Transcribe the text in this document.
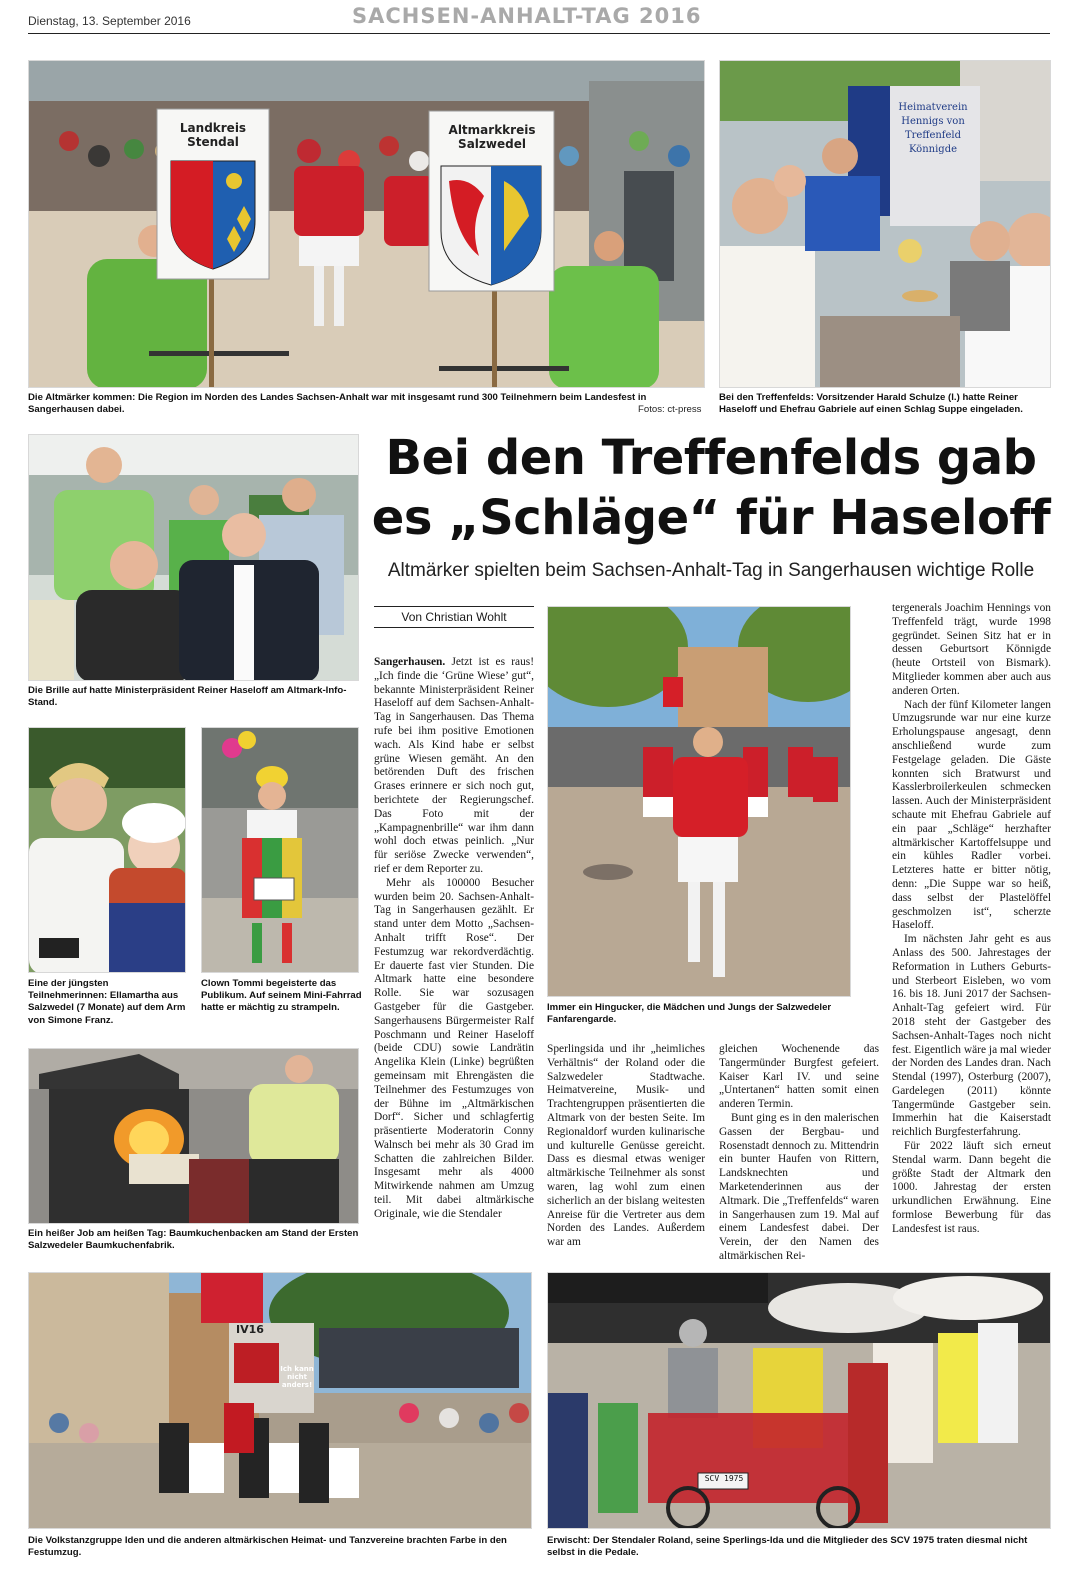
Dienstag, 13. September 2016	SACHSEN-ANHALT-TAG 2016
Landkreis Stendal
Altmarkkreis Salzwedel
Die Altmärker kommen: Die Region im Norden des Landes Sachsen-Anhalt war mit insgesamt rund 300 Teilnehmern beim Landesfest in Sangerhausen dabei.	Fotos: ct-press
Heimatverein Hennigs von Treffenfeld Könnigde
Bei den Treffenfelds: Vorsitzender Harald Schulze (l.) hatte Reiner Haseloff und Ehefrau Gabriele auf einen Schlag Suppe eingeladen.
Die Brille auf hatte Ministerpräsident Reiner Haseloff am Altmark-Info-Stand.
Eine der jüngsten Teilnehmerinnen: Ellamartha aus Salzwedel (7 Monate) auf dem Arm von Simone Franz.
Clown Tommi begeisterte das Publikum. Auf seinem Mini-Fahrrad hatte er mächtig zu strampeln.
Ein heißer Job am heißen Tag: Baumkuchenbacken am Stand der Ersten Salzwedeler Baumkuchenfabrik.
Bei den Treffenfelds gab es „Schläge“ für Haseloff
Altmärker spielten beim Sachsen-Anhalt-Tag in Sangerhausen wichtige Rolle
Von Christian Wohlt

Sangerhausen. Jetzt ist es raus! „Ich finde die ‘Grüne Wiese’ gut“, bekannte Ministerpräsident Reiner Haseloff auf dem Sachsen-Anhalt-Tag in Sangerhausen. Das Thema rufe bei ihm positive Emotionen wach. Als Kind habe er selbst grüne Wiesen gemäht. An den betörenden Duft des frischen Grases erinnere er sich noch gut, berichtete der Regierungschef. Das Foto mit der „Kampagnenbrille“ war ihm dann wohl doch etwas peinlich. „Nur für seriöse Zwecke verwenden“, rief er dem Reporter zu.

Mehr als 100000 Besucher wurden beim 20. Sachsen-Anhalt-Tag in Sangerhausen gezählt. Er stand unter dem Motto „Sachsen-Anhalt trifft Rose“. Der Festumzug war rekordverdächtig. Er dauerte fast vier Stunden. Die Altmark hatte eine besondere Rolle. Sie war sozusagen Gastgeber für die Gastgeber. Sangerhausens Bürgermeister Ralf Poschmann und Reiner Haseloff (beide CDU) sowie Landrätin Angelika Klein (Linke) begrüßten gemeinsam mit Ehrengästen die Teilnehmer des Festumzuges von der Bühne im „Altmärkischen Dorf“. Sicher und schlagfertig präsentierte Moderatorin Conny Walnsch bei mehr als 30 Grad im Schatten die zahlreichen Bilder. Insgesamt mehr als 4000 Mitwirkende nahmen am Umzug teil. Mit dabei altmärkische Originale, wie die Stendaler

Immer ein Hingucker, die Mädchen und Jungs der Salzwedeler Fanfarengarde.

Sperlingsida und ihr „heimliches Verhältnis“ der Roland oder die Salzwedeler Stadtwache. Heimatvereine, Musik- und Trachtengruppen präsentierten die Altmark von der besten Seite. Im Regionaldorf wurden kulinarische und kulturelle Genüsse gereicht. Dass es diesmal etwas weniger altmärkische Teilnehmer als sonst waren, lag wohl zum einen sicherlich an der bislang weitesten Anreise für die Vertreter aus dem Norden des Landes. Außerdem war am

gleichen Wochenende das Tangermünder Burgfest gefeiert. Kaiser Karl IV. und seine „Untertanen“ hatten somit einen anderen Termin.

Bunt ging es in den malerischen Gassen der Bergbau- und Rosenstadt dennoch zu. Mittendrin ein bunter Haufen von Rittern, Landsknechten und Marketenderinnen aus der Altmark. Die „Treffenfelds“ waren in Sangerhausen zum 19. Mal auf einem Landesfest dabei. Der Verein, der den Namen des altmärkischen Rei-

tergenerals Joachim Hennings von Treffenfeld trägt, wurde 1998 gegründet. Seinen Sitz hat er in dessen Geburtsort Könnigde (heute Ortsteil von Bismark). Mitglieder kommen aber auch aus anderen Orten.

Nach der fünf Kilometer langen Umzugsrunde war nur eine kurze Erholungspause angesagt, denn anschließend wurde zum Festgelage geladen. Die Gäste konnten sich Bratwurst und Kasslerbroilerkeulen schmecken lassen. Auch der Ministerpräsident schaute mit Ehefrau Gabriele auf ein paar „Schläge“ herzhafter altmärkischer Kartoffelsuppe und ein kühles Radler vorbei. Letzteres hatte er bitter nötig, denn: „Die Suppe war so heiß, dass selbst der Plastelöffel geschmolzen ist“, scherzte Haseloff.

Im nächsten Jahr geht es aus Anlass des 500. Jahrestages der Reformation in Luthers Geburts- und Sterbeort Eisleben, wo vom 16. bis 18. Juni 2017 der Sachsen-Anhalt-Tag gefeiert wird. Für 2018 steht der Gastgeber des Sachsen-Anhalt-Tages noch nicht fest. Eigentlich wäre ja mal wieder der Norden des Landes dran. Nach Stendal (1997), Osterburg (2007), Gardelegen (2011) könnte Tangermünde Gastgeber sein. Immerhin hat die Kaiserstadt reichlich Burgfesterfahrung.

Für 2022 läuft sich erneut Stendal warm. Dann begeht die größte Stadt der Altmark den 1000. Jahrestag der ersten urkundlichen Erwähnung. Eine formlose Bewerbung für das Landesfest ist raus.

IV16
Ich kann nicht anders!
Die Volkstanzgruppe Iden und die anderen altmärkischen Heimat- und Tanzvereine brachten Farbe in den Festumzug.
SCV 1975
Erwischt: Der Stendaler Roland, seine Sperlings-Ida und die Mitglieder des SCV 1975 traten diesmal nicht selbst in die Pedale.
